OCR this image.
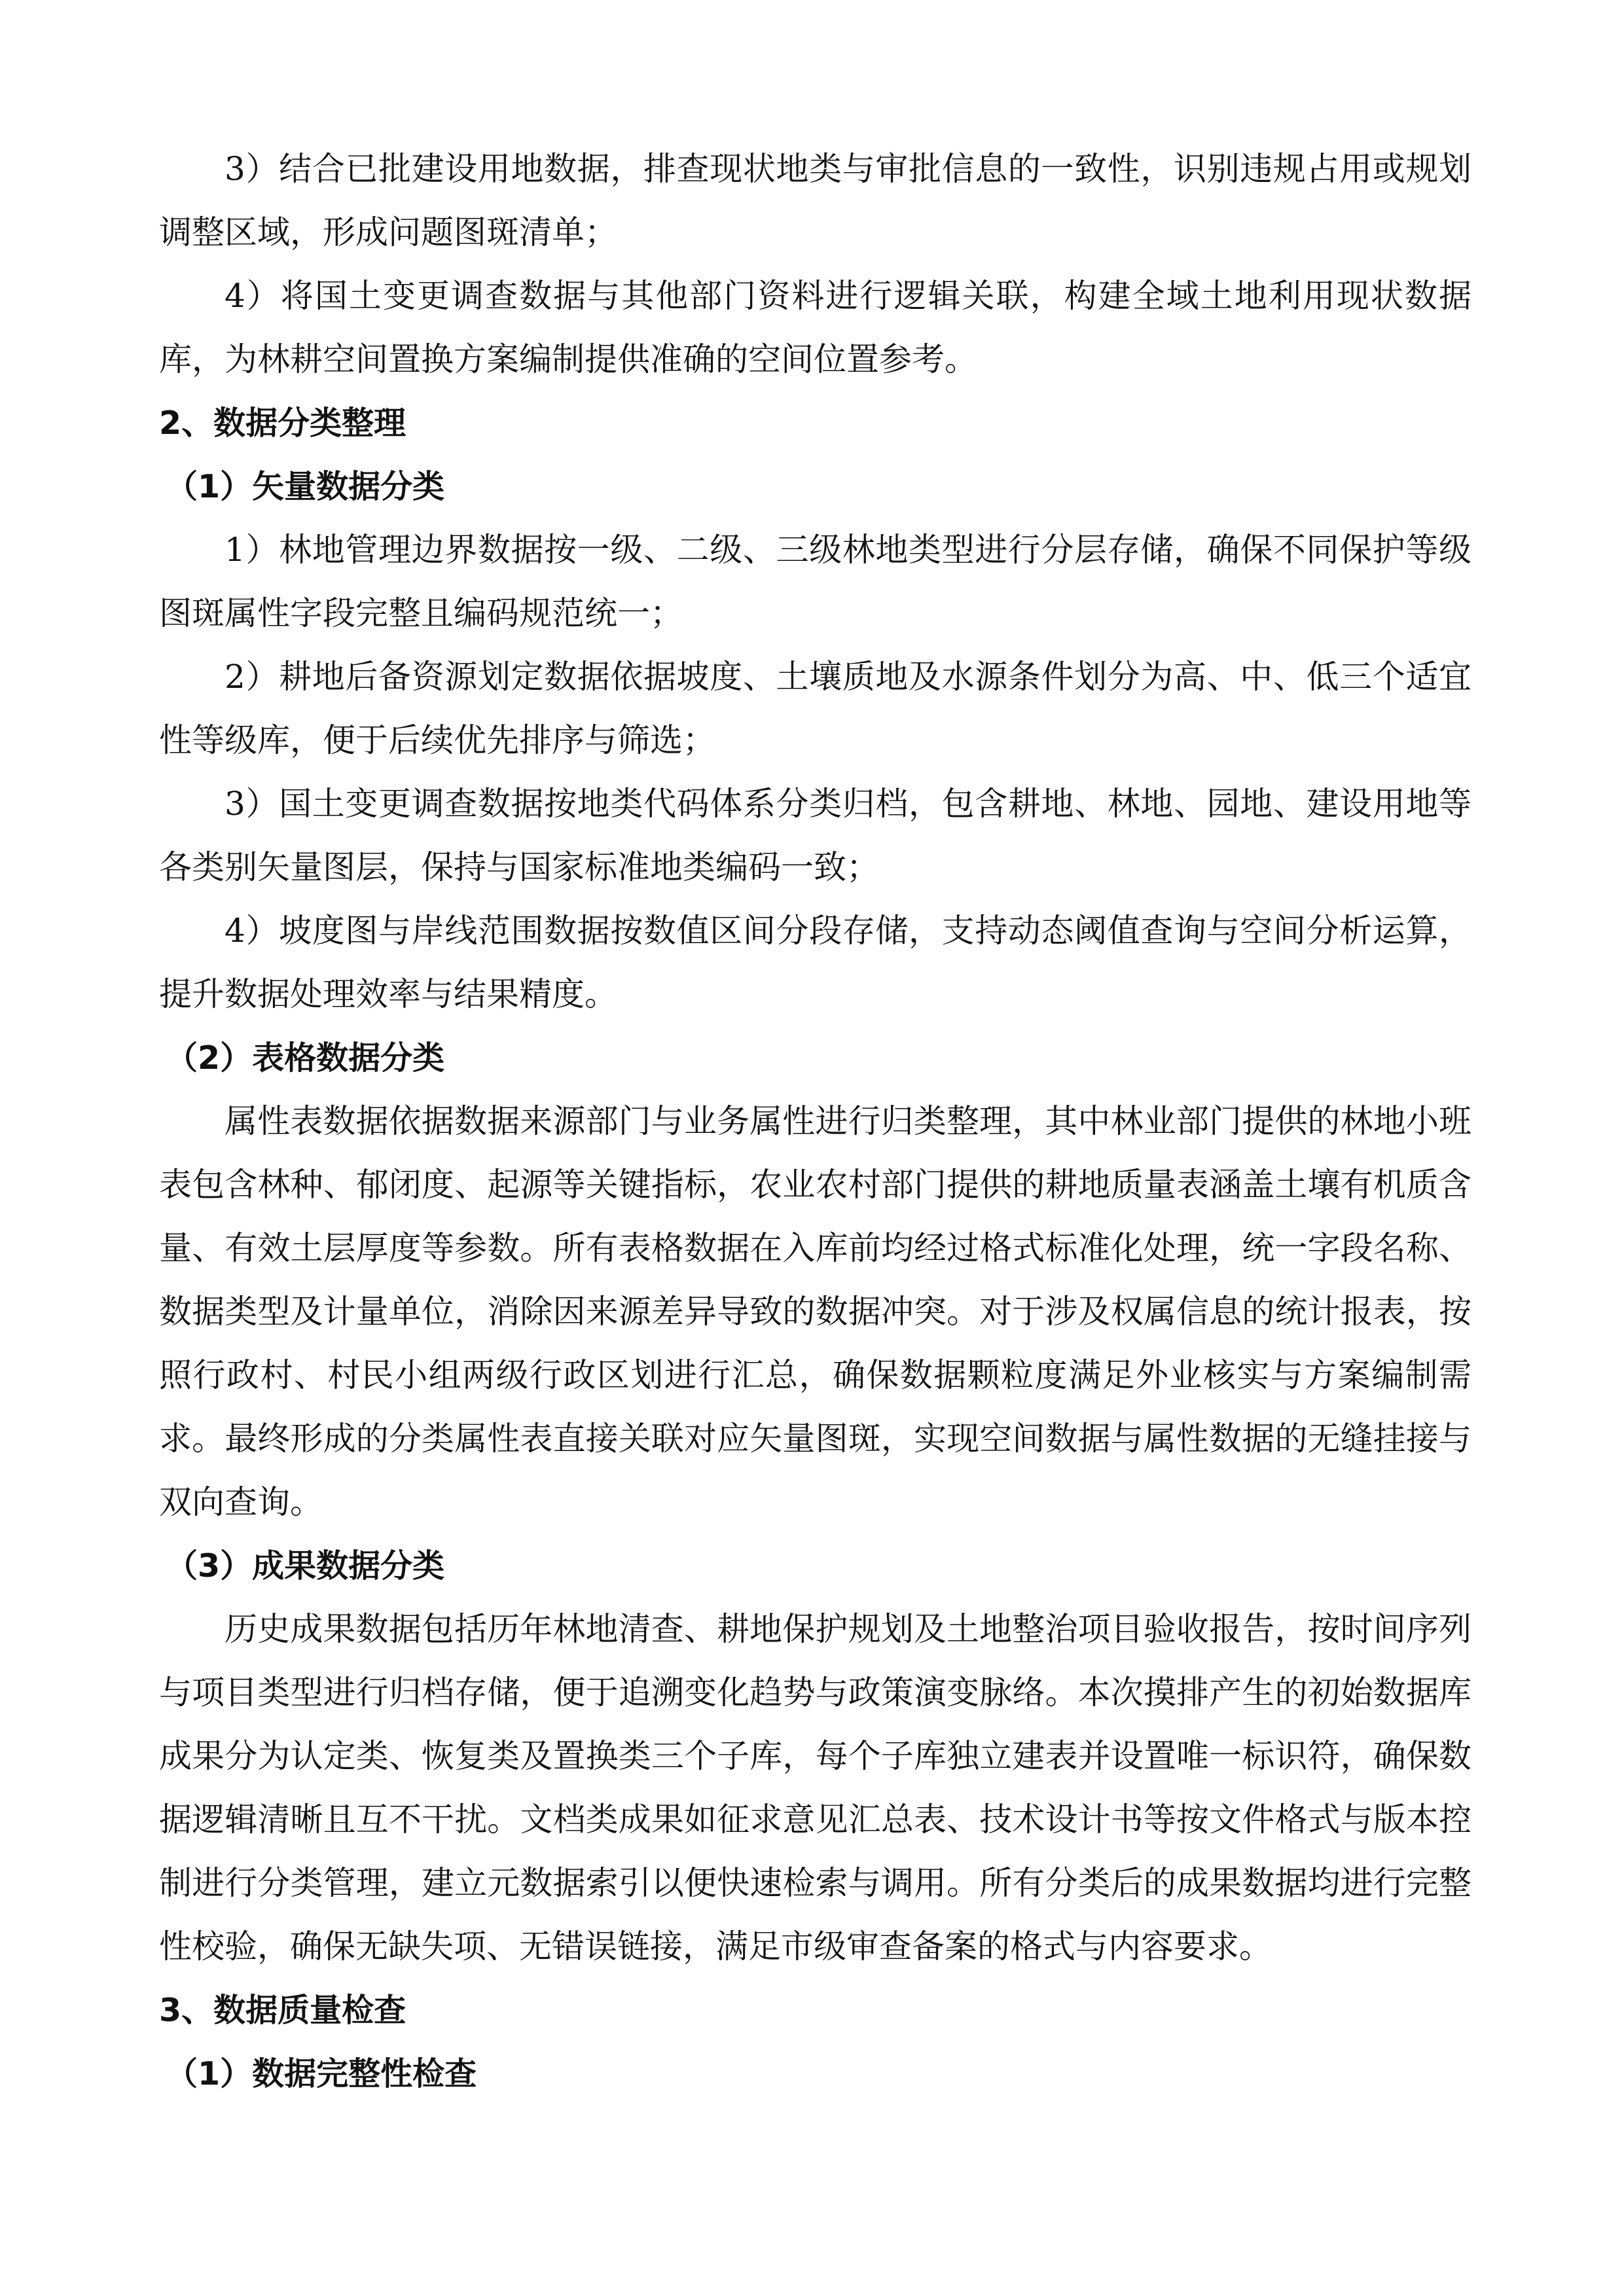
3）结合已批建设用地数据，排查现状地类与审批信息的一致性，识别违规占用或规划调整区域，形成问题图斑清单；

4）将国土变更调查数据与其他部门资料进行逻辑关联，构建全域土地利用现状数据库，为林耕空间置换方案编制提供准确的空间位置参考。

2、数据分类整理

（1）矢量数据分类

1）林地管理边界数据按一级、二级、三级林地类型进行分层存储，确保不同保护等级图斑属性字段完整且编码规范统一；

2）耕地后备资源划定数据依据坡度、土壤质地及水源条件划分为高、中、低三个适宜性等级库，便于后续优先排序与筛选；

3）国土变更调查数据按地类代码体系分类归档，包含耕地、林地、园地、建设用地等各类别矢量图层，保持与国家标准地类编码一致；

4）坡度图与岸线范围数据按数值区间分段存储，支持动态阈值查询与空间分析运算，提升数据处理效率与结果精度。

（2）表格数据分类

属性表数据依据数据来源部门与业务属性进行归类整理，其中林业部门提供的林地小班表包含林种、郁闭度、起源等关键指标，农业农村部门提供的耕地质量表涵盖土壤有机质含量、有效土层厚度等参数。所有表格数据在入库前均经过格式标准化处理，统一字段名称、数据类型及计量单位，消除因来源差异导致的数据冲突。对于涉及权属信息的统计报表，按照行政村、村民小组两级行政区划进行汇总，确保数据颗粒度满足外业核实与方案编制需求。最终形成的分类属性表直接关联对应矢量图斑，实现空间数据与属性数据的无缝挂接与双向查询。

（3）成果数据分类

历史成果数据包括历年林地清查、耕地保护规划及土地整治项目验收报告，按时间序列与项目类型进行归档存储，便于追溯变化趋势与政策演变脉络。本次摸排产生的初始数据库成果分为认定类、恢复类及置换类三个子库，每个子库独立建表并设置唯一标识符，确保数据逻辑清晰且互不干扰。文档类成果如征求意见汇总表、技术设计书等按文件格式与版本控制进行分类管理，建立元数据索引以便快速检索与调用。所有分类后的成果数据均进行完整性校验，确保无缺失项、无错误链接，满足市级审查备案的格式与内容要求。

3、数据质量检查

（1）数据完整性检查
